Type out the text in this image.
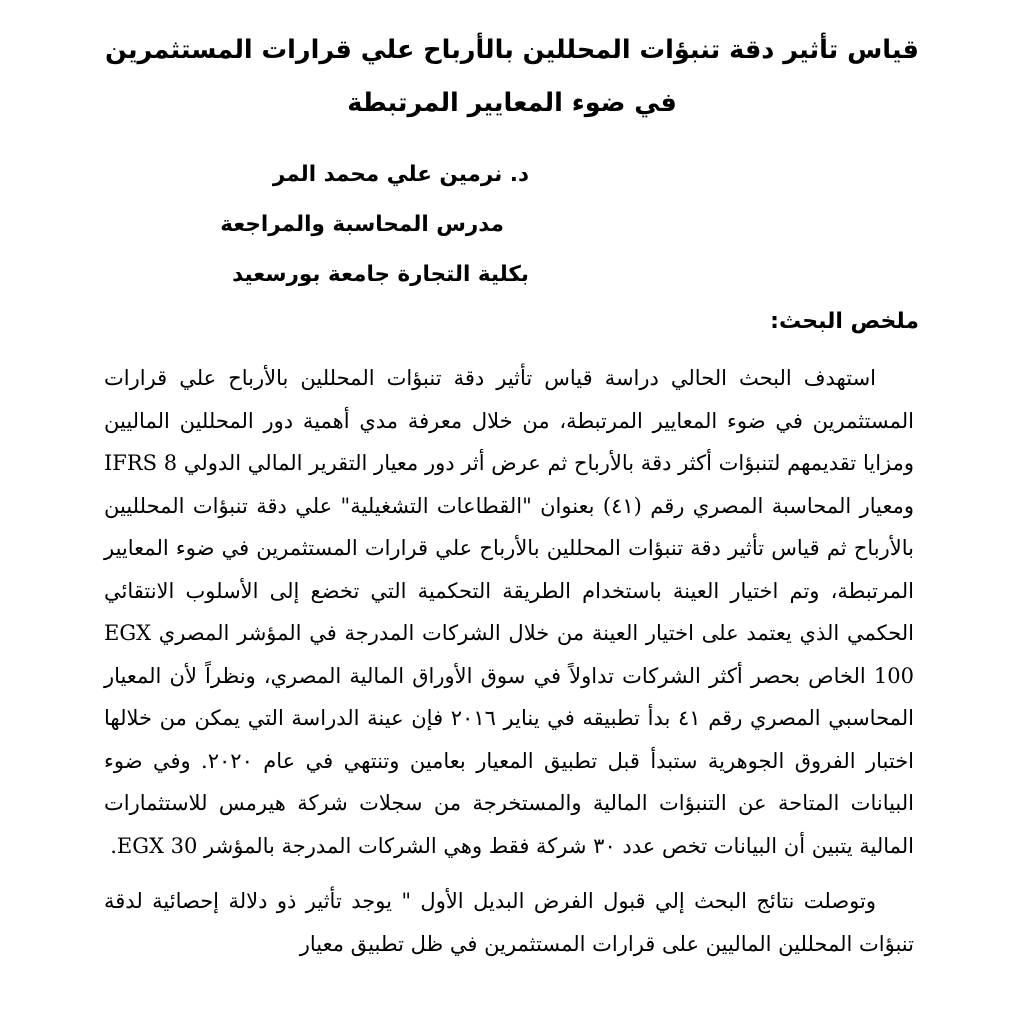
قياس تأثير دقة تنبؤات المحللين بالأرباح علي قرارات المستثمرين
في ضوء المعايير المرتبطة
د. نرمين علي محمد المر
مدرس المحاسبة والمراجعة
بكلية التجارة جامعة بورسعيد
ملخص البحث:

استهدف البحث الحالي دراسة قياس تأثير دقة تنبؤات المحللين بالأرباح علي قرارات المستثمرين في ضوء المعايير المرتبطة، من خلال معرفة مدي أهمية دور المحللين الماليين ومزايا تقديمهم لتنبؤات أكثر دقة بالأرباح ثم عرض أثر دور معيار التقرير المالي الدولي IFRS 8 ومعيار المحاسبة المصري رقم (٤١) بعنوان "القطاعات التشغيلية" علي دقة تنبؤات المحلليين بالأرباح ثم قياس تأثير دقة تنبؤات المحللين بالأرباح علي قرارات المستثمرين في ضوء المعايير المرتبطة، وتم اختيار العينة باستخدام الطريقة التحكمية التي تخضع إلى الأسلوب الانتقائي الحكمي الذي يعتمد على اختيار العينة من خلال الشركات المدرجة في المؤشر المصري EGX 100 الخاص بحصر أكثر الشركات تداولاً في سوق الأوراق المالية المصري، ونظراً لأن المعيار المحاسبي المصري رقم ٤١ بدأ تطبيقه في يناير ٢٠١٦ فإن عينة الدراسة التي يمكن من خلالها اختبار الفروق الجوهرية ستبدأ قبل تطبيق المعيار بعامين وتنتهي في عام ٢٠٢٠. وفي ضوء البيانات المتاحة عن التنبؤات المالية والمستخرجة من سجلات شركة هيرمس للاستثمارات المالية يتبين أن البيانات تخص عدد ٣٠ شركة فقط وهي الشركات المدرجة بالمؤشر EGX 30.

وتوصلت نتائج البحث إلي قبول الفرض البديل الأول " يوجد تأثير ذو دلالة إحصائية لدقة تنبؤات المحللين الماليين على قرارات المستثمرين في ظل تطبيق معيار
